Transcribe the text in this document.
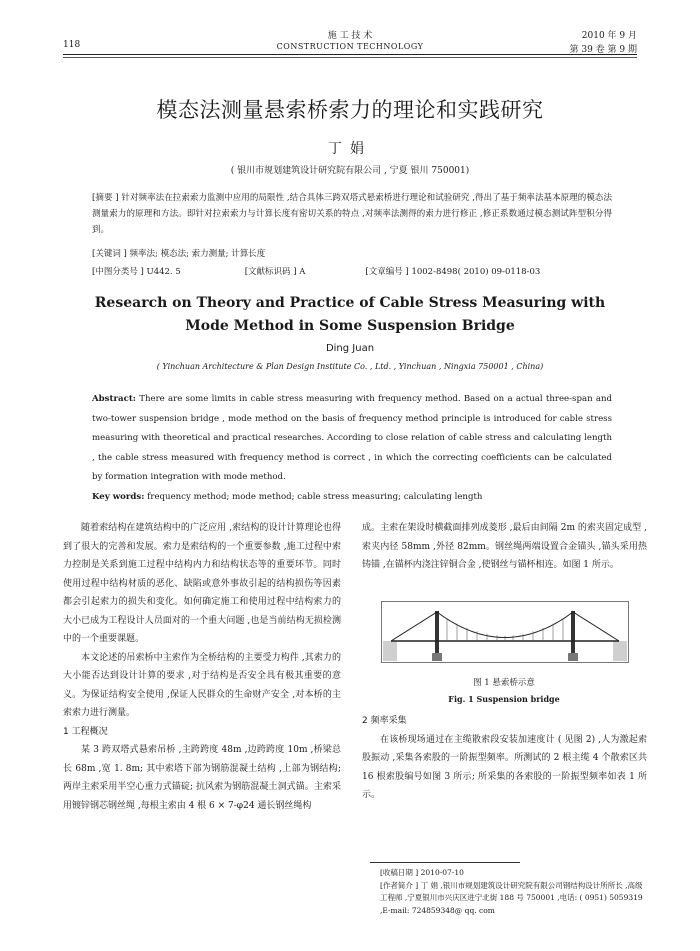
118
施 工 技 术
CONSTRUCTION TECHNOLOGY
2010 年 9 月
第 39 卷 第 9 期
模态法测量悬索桥索力的理论和实践研究
丁娟
( 银川市规划建筑设计研究院有限公司 , 宁夏 银川 750001)
[摘要 ] 针对频率法在拉索索力监测中应用的局限性 ,结合具体三跨双塔式悬索桥进行理论和试验研究 ,得出了基于频率法基本原理的模态法测量索力的原理和方法。即针对拉索索力与计算长度有密切关系的特点 ,对频率法测得的索力进行修正 ,修正系数通过模态测试阵型积分得到。
[关键词 ] 频率法; 模态法; 索力测量; 计算长度
[中图分类号 ] U442. 5	[文献标识码 ] A	[文章编号 ] 1002-8498( 2010) 09-0118-03
Research on Theory and Practice of Cable Stress Measuring with
Mode Method in Some Suspension Bridge
Ding Juan
( Yinchuan Architecture & Plan Design Institute Co. , Ltd. , Yinchuan , Ningxia 750001 , China)
Abstract: There are some limits in cable stress measuring with frequency method. Based on a actual three-span and two-tower suspension bridge , mode method on the basis of frequency method principle is introduced for cable stress measuring with theoretical and practical researches. According to close relation of cable stress and calculating length , the cable stress measured with frequency method is correct , in which the correcting coefficients can be calculated by formation integration with mode method.
Key words: frequency method; mode method; cable stress measuring; calculating length

随着索结构在建筑结构中的广泛应用 ,索结构的设计计算理论也得到了很大的完善和发展。索力是索结构的一个重要参数 ,施工过程中索力控制是关系到施工过程中结构内力和结构状态等的重要环节。同时使用过程中结构材质的恶化、缺陷或意外事故引起的结构损伤等因素都会引起索力的损失和变化。如何确定施工和使用过程中结构索力的大小已成为工程设计人员面对的一个重大问题 ,也是当前结构无损检测中的一个重要课题。

本文论述的吊索桥中主索作为全桥结构的主要受力构件 ,其索力的大小能否达到设计计算的要求 ,对于结构是否安全具有极其重要的意义。为保证结构安全使用 ,保证人民群众的生命财产安全 ,对本桥的主索索力进行测量。

1 工程概况

某 3 跨双塔式悬索吊桥 ,主跨跨度 48m ,边跨跨度 10m ,桥梁总长 68m ,宽 1. 8m; 其中索塔下部为钢筋混凝土结构 ,上部为钢结构; 两岸主索采用半空心重力式锚碇; 抗风索为钢筋混凝土洞式锚。主索采用镀锌钢芯钢丝绳 ,每根主索由 4 根 6 × 7-φ24 通长钢丝绳构

成。主索在架设时横截面排列成菱形 ,最后由间隔 2m 的索夹固定成型 ,索夹内径 58mm ,外径 82mm。钢丝绳两端设置合金锚头 ,锚头采用热铸锚 ,在锚杯内浇注锌铜合金 ,使钢丝与锚杯相连。如图 1 所示。

图 1 悬索桥示意
Fig. 1 Suspension bridge

2 频率采集

在该桥现场通过在主缆散索段安装加速度计 ( 见图 2) ,人为激起索股振动 ,采集各索股的一阶振型频率。所测试的 2 根主缆 4 个散索区共 16 根索股编号如图 3 所示; 所采集的各索股的一阶振型频率如表 1 所示。

[收稿日期 ] 2010-07-10
[作者简介 ] 丁 娟 ,银川市规划建筑设计研究院有限公司钢结构设计所所长 ,高级工程师 ,宁夏银川市兴庆区进宁北街 188 号 750001 ,电话: ( 0951) 5059319 ,E-mail: 724859348@ qq. com
